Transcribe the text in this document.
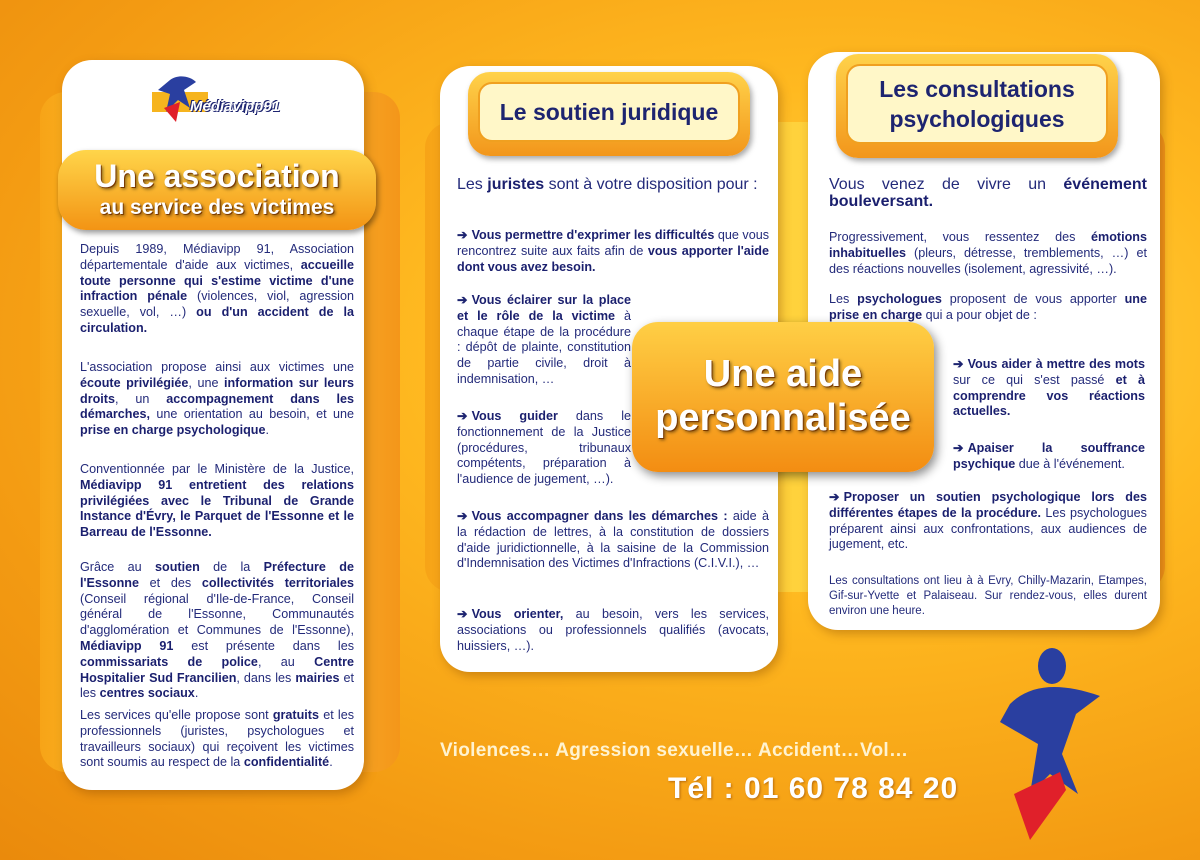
Médiavipp91
Une association
au service des victimes
Depuis 1989, Médiavipp 91, Association départementale d'aide aux victimes, accueille toute personne qui s'estime victime d'une infraction pénale (violences, viol, agression sexuelle, vol, …) ou d'un accident de la circulation.
L'association propose ainsi aux victimes une écoute privilégiée, une information sur leurs droits, un accompagnement dans les démarches, une orientation au besoin, et une prise en charge psychologique.
Conventionnée par le Ministère de la Justice, Médiavipp 91 entretient des relations privilégiées avec le Tribunal de Grande Instance d'Évry, le Parquet de l'Essonne et le Barreau de l'Essonne.
Grâce au soutien de la Préfecture de l'Essonne et des collectivités territoriales (Conseil régional d'Ile-de-France, Conseil général de l'Essonne, Communautés d'agglomération et Communes de l'Essonne), Médiavipp 91 est présente dans les commissariats de police, au Centre Hospitalier Sud Francilien, dans les mairies et les centres sociaux.
Les services qu'elle propose sont gratuits et les professionnels (juristes, psychologues et travailleurs sociaux) qui reçoivent les victimes sont soumis au respect de la confidentialité.
Le soutien juridique
Les juristes sont à votre disposition pour :
➔ Vous permettre d'exprimer les difficultés que vous rencontrez suite aux faits afin de vous apporter l'aide dont vous avez besoin.
➔ Vous éclairer sur la place et le rôle de la victime à chaque étape de la procédure : dépôt de plainte, constitution de partie civile, droit à indemnisation, …
➔ Vous guider dans le fonctionnement de la Justice (procédures, tribunaux compétents, préparation à l'audience de jugement, …).
➔ Vous accompagner dans les démarches : aide à la rédaction de lettres, à la constitution de dossiers d'aide juridictionnelle, à la saisine de la Commission d'Indemnisation des Victimes d'Infractions (C.I.V.I.), …
➔ Vous orienter, au besoin, vers les services, associations ou professionnels qualifiés (avocats, huissiers, …).
Les consultations
psychologiques
Vous venez de vivre un événement bouleversant.
Progressivement, vous ressentez des émotions inhabituelles (pleurs, détresse, tremblements, …) et des réactions nouvelles (isolement, agressivité, …).
Les psychologues proposent de vous apporter une prise en charge qui a pour objet de :
➔ Vous aider à mettre des mots sur ce qui s'est passé et à comprendre vos réactions actuelles.
➔ Apaiser la souffrance psychique due à l'événement.
➔ Proposer un soutien psychologique lors des différentes étapes de la procédure. Les psychologues préparent ainsi aux confrontations, aux audiences de jugement, etc.
Les consultations ont lieu à à Evry, Chilly-Mazarin, Etampes, Gif-sur-Yvette et Palaiseau. Sur rendez-vous, elles durent environ une heure.
Une aide
personnalisée
Violences… Agression sexuelle… Accident…Vol…
Tél : 01 60 78 84 20
